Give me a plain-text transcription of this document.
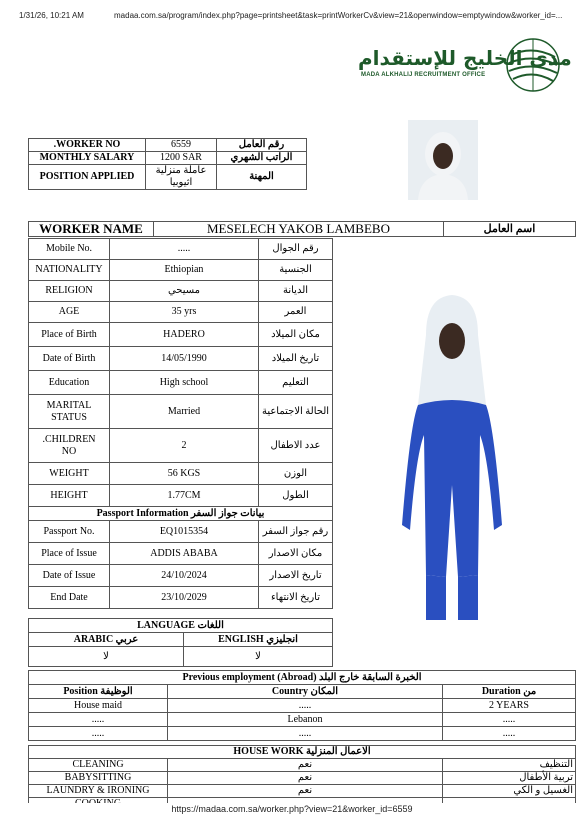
1/31/26, 10:21 AM	madaa.com.sa/program/index.php?page=printsheet&task=printWorkerCv&view=21&openwindow=emptywindow&worker_id=...
مدى الخليج للإستقدام
MADA ALKHALIJ RECRUITMENT OFFICE
.WORKER NO	6559	رقم العامل
MONTHLY SALARY	1200 SAR	الراتب الشهري
POSITION APPLIED	عاملة منزلية اثيوبيا	المهنة
WORKER NAME	MESELECH YAKOB LAMBEBO	اسم العامل
Mobile No.	.....	رقم الجوال
NATIONALITY	Ethiopian	الجنسية
RELIGION	مسيحي	الديانة
AGE	35 yrs	العمر
Place of Birth	HADERO	مكان الميلاد
Date of Birth	14/05/1990	تاريخ الميلاد
Education	High school	التعليم
MARITAL STATUS	Married	الحالة الاجتماعية
.CHILDREN NO	2	عدد الاطفال
WEIGHT	56 KGS	الوزن
HEIGHT	1.77CM	الطول
Passport Information بيانات جواز السفر		
Passport No.	EQ1015354	رقم جواز السفر
Place of Issue	ADDIS ABABA	مكان الاصدار
Date of Issue	24/10/2024	تاريخ الاصدار
End Date	23/10/2029	تاريخ الانتهاء
LANGUAGE اللغات	
ARABIC عربي	ENGLISH انجليزي
لا	لا
Previous employment (Abroad) الخبرة السابقة خارج البلد		
Position الوظيفة	Country المكان	Duration من
House maid	.....	2 YEARS
.....	Lebanon	.....
.....	.....	.....
HOUSE WORK الاعمال المنزلية		
CLEANING	نعم	التنظيف
BABYSITTING	نعم	تربية الأطفال
LAUNDRY & IRONING	نعم	الغسيل و الكي

https://madaa.com.sa/worker.php?view=21&worker_id=6559
